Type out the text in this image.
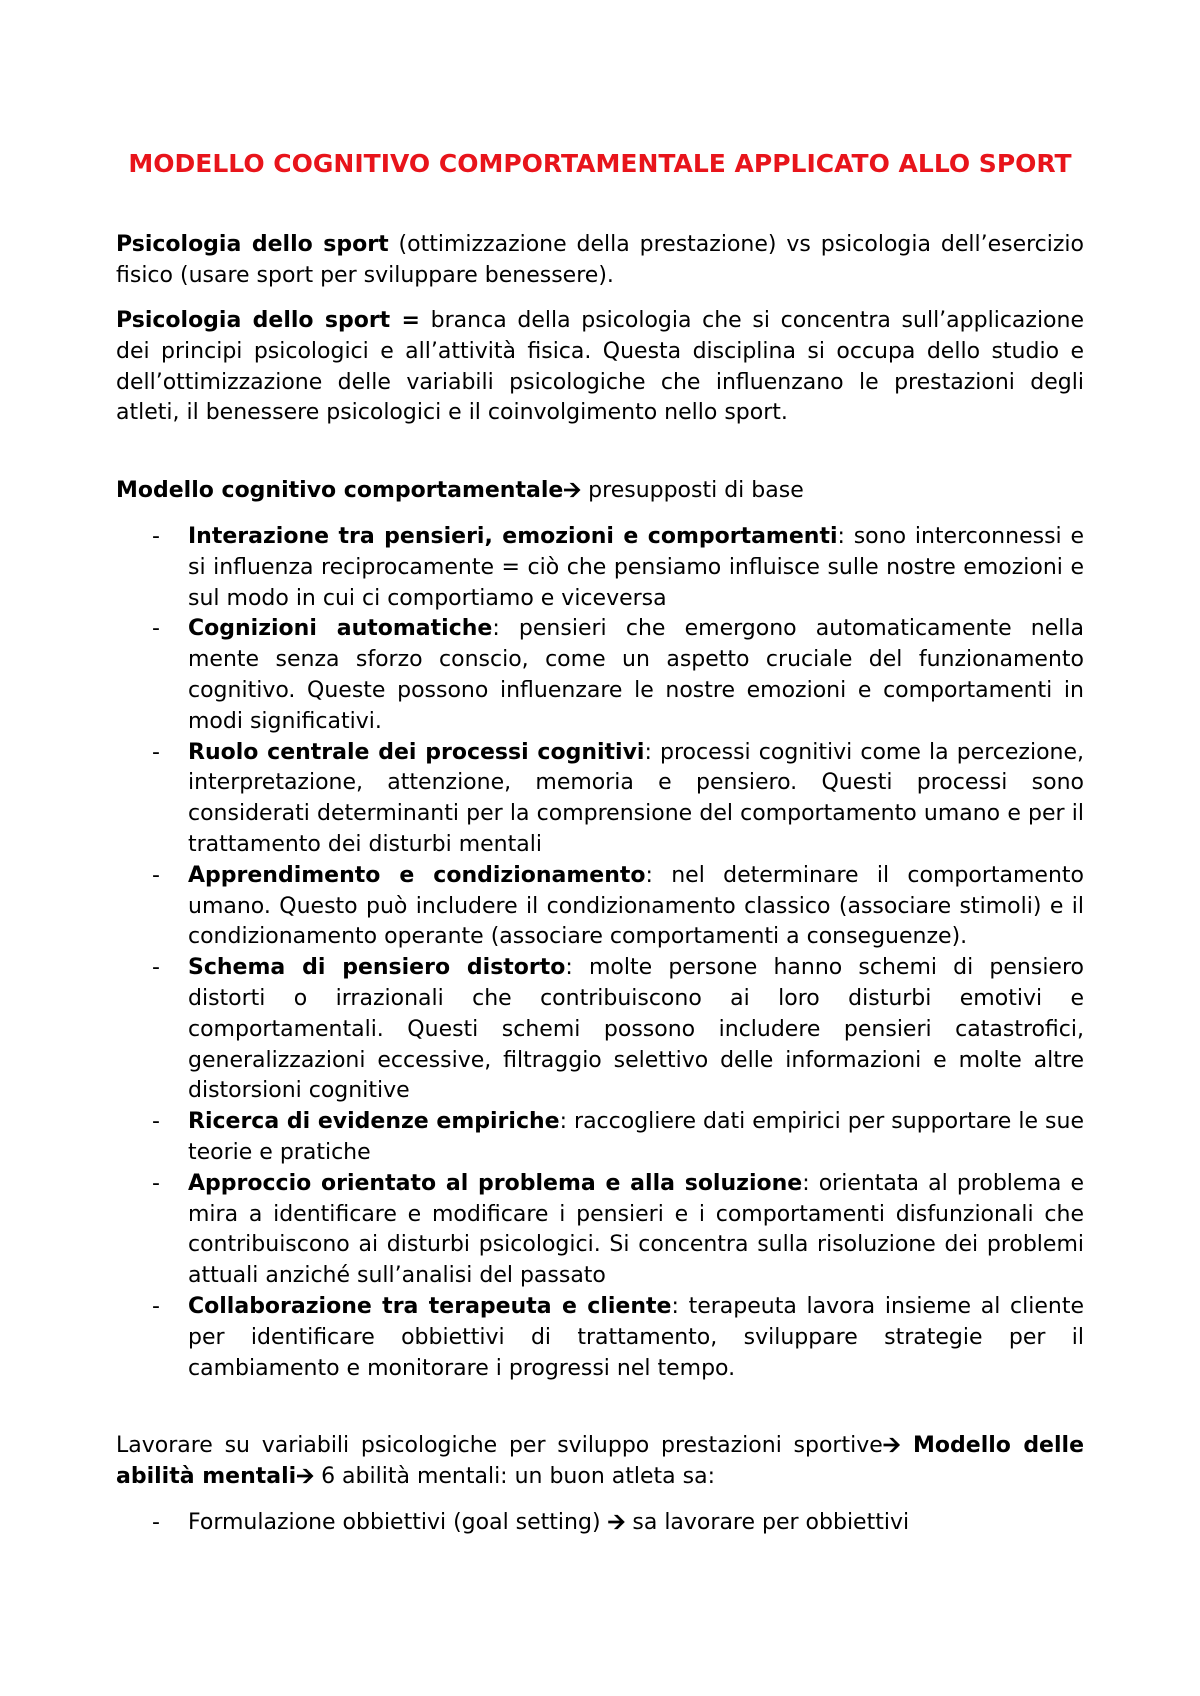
MODELLO COGNITIVO COMPORTAMENTALE APPLICATO ALLO SPORT

Psicologia dello sport (ottimizzazione della prestazione) vs psicologia dell’esercizio fisico (usare sport per sviluppare benessere).

Psicologia dello sport = branca della psicologia che si concentra sull’applicazione dei principi psicologici e all’attività fisica. Questa disciplina si occupa dello studio e dell’ottimizzazione delle variabili psicologiche che influenzano le prestazioni degli atleti, il benessere psicologici e il coinvolgimento nello sport.

Modello cognitivo comportamentale🡪 presupposti di base

- Interazione tra pensieri, emozioni e comportamenti: sono interconnessi e si influenza reciprocamente = ciò che pensiamo influisce sulle nostre emozioni e sul modo in cui ci comportiamo e viceversa
- Cognizioni automatiche: pensieri che emergono automaticamente nella mente senza sforzo conscio, come un aspetto cruciale del funzionamento cognitivo. Queste possono influenzare le nostre emozioni e comportamenti in modi significativi.
- Ruolo centrale dei processi cognitivi: processi cognitivi come la percezione, interpretazione, attenzione, memoria e pensiero. Questi processi sono considerati determinanti per la comprensione del comportamento umano e per il trattamento dei disturbi mentali
- Apprendimento e condizionamento: nel determinare il comportamento umano. Questo può includere il condizionamento classico (associare stimoli) e il condizionamento operante (associare comportamenti a conseguenze).
- Schema di pensiero distorto: molte persone hanno schemi di pensiero distorti o irrazionali che contribuiscono ai loro disturbi emotivi e comportamentali. Questi schemi possono includere pensieri catastrofici, generalizzazioni eccessive, filtraggio selettivo delle informazioni e molte altre distorsioni cognitive
- Ricerca di evidenze empiriche: raccogliere dati empirici per supportare le sue teorie e pratiche
- Approccio orientato al problema e alla soluzione: orientata al problema e mira a identificare e modificare i pensieri e i comportamenti disfunzionali che contribuiscono ai disturbi psicologici. Si concentra sulla risoluzione dei problemi attuali anziché sull’analisi del passato
- Collaborazione tra terapeuta e cliente: terapeuta lavora insieme al cliente per identificare obbiettivi di trattamento, sviluppare strategie per il cambiamento e monitorare i progressi nel tempo.

Lavorare su variabili psicologiche per sviluppo prestazioni sportive🡪 Modello delle abilità mentali🡪 6 abilità mentali: un buon atleta sa:

- Formulazione obbiettivi (goal setting) 🡪 sa lavorare per obbiettivi
